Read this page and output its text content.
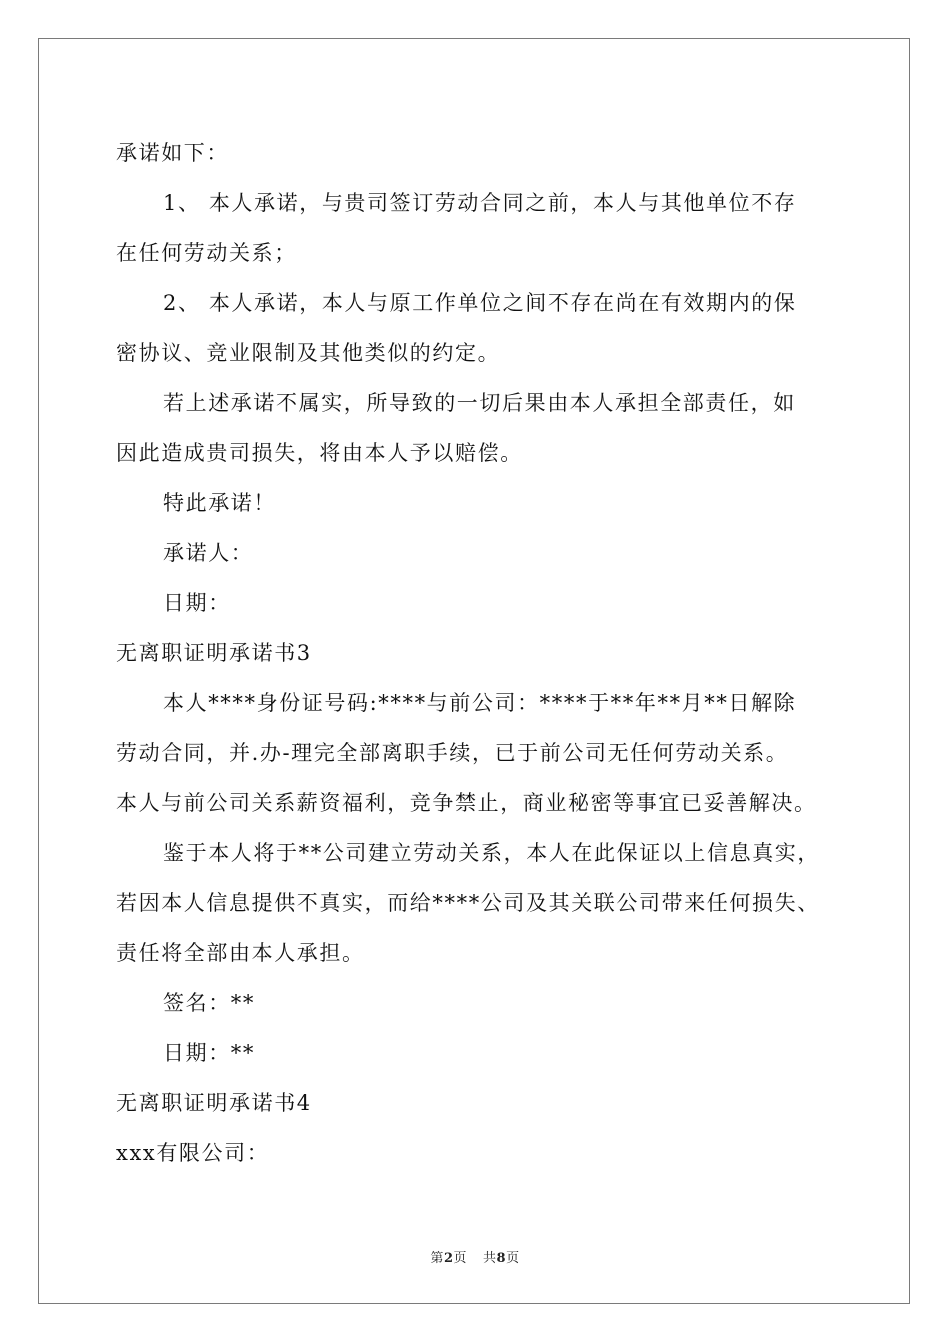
承诺如下：
1、 本人承诺，与贵司签订劳动合同之前，本人与其他单位不存
在任何劳动关系；
2、 本人承诺，本人与原工作单位之间不存在尚在有效期内的保
密协议、竞业限制及其他类似的约定。
若上述承诺不属实，所导致的一切后果由本人承担全部责任，如
因此造成贵司损失，将由本人予以赔偿。
特此承诺！
承诺人：
日期：
无离职证明承诺书3
本人****身份证号码:****与前公司：****于**年**月**日解除
劳动合同，并.办-理完全部离职手续，已于前公司无任何劳动关系。
本人与前公司关系薪资福利，竞争禁止，商业秘密等事宜已妥善解决。
鉴于本人将于**公司建立劳动关系，本人在此保证以上信息真实，
若因本人信息提供不真实，而给****公司及其关联公司带来任何损失、
责任将全部由本人承担。
签名：**
日期：**
无离职证明承诺书4
xxx有限公司：
第2页 共8页
